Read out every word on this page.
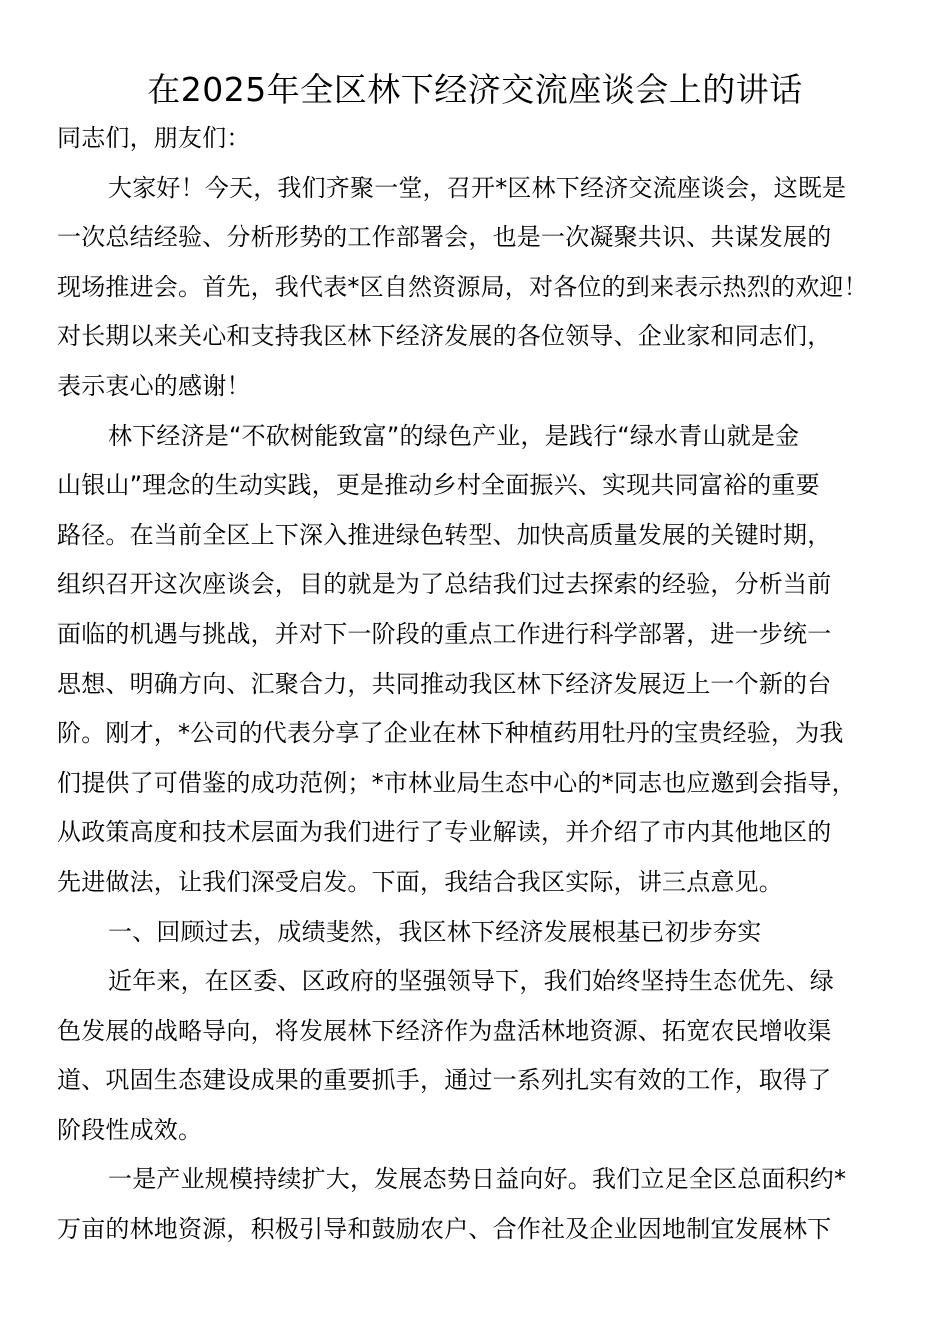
在2025年全区林下经济交流座谈会上的讲话
同志们，朋友们：
大家好！今天，我们齐聚一堂，召开*区林下经济交流座谈会，这既是
一次总结经验、分析形势的工作部署会，也是一次凝聚共识、共谋发展的
现场推进会。首先，我代表*区自然资源局，对各位的到来表示热烈的欢迎！
对长期以来关心和支持我区林下经济发展的各位领导、企业家和同志们，
表示衷心的感谢！
林下经济是“不砍树能致富”的绿色产业，是践行“绿水青山就是金
山银山”理念的生动实践，更是推动乡村全面振兴、实现共同富裕的重要
路径。在当前全区上下深入推进绿色转型、加快高质量发展的关键时期，
组织召开这次座谈会，目的就是为了总结我们过去探索的经验，分析当前
面临的机遇与挑战，并对下一阶段的重点工作进行科学部署，进一步统一
思想、明确方向、汇聚合力，共同推动我区林下经济发展迈上一个新的台
阶。刚才，*公司的代表分享了企业在林下种植药用牡丹的宝贵经验，为我
们提供了可借鉴的成功范例；*市林业局生态中心的*同志也应邀到会指导，
从政策高度和技术层面为我们进行了专业解读，并介绍了市内其他地区的
先进做法，让我们深受启发。下面，我结合我区实际，讲三点意见。
一、回顾过去，成绩斐然，我区林下经济发展根基已初步夯实
近年来，在区委、区政府的坚强领导下，我们始终坚持生态优先、绿
色发展的战略导向，将发展林下经济作为盘活林地资源、拓宽农民增收渠
道、巩固生态建设成果的重要抓手，通过一系列扎实有效的工作，取得了
阶段性成效。
一是产业规模持续扩大，发展态势日益向好。我们立足全区总面积约*
万亩的林地资源，积极引导和鼓励农户、合作社及企业因地制宜发展林下
